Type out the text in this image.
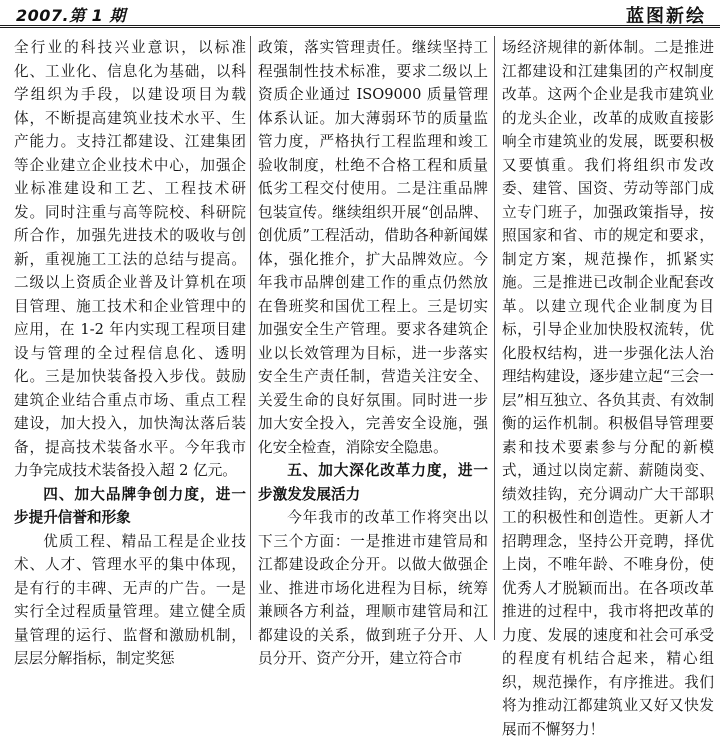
2007.第 1 期	蓝图新绘

全行业的科技兴业意识，以标准化、工业化、信息化为基础，以科学组织为手段，以建设项目为载体，不断提高建筑业技术水平、生产能力。支持江都建设、江建集团等企业建立企业技术中心，加强企业标准建设和工艺、工程技术研发。同时注重与高等院校、科研院所合作，加强先进技术的吸收与创新，重视施工工法的总结与提高。二级以上资质企业普及计算机在项目管理、施工技术和企业管理中的应用，在 1-2 年内实现工程项目建设与管理的全过程信息化、透明化。三是加快装备投入步伐。鼓励建筑企业结合重点市场、重点工程建设，加大投入，加快淘汰落后装备，提高技术装备水平。今年我市力争完成技术装备投入超 2 亿元。

四、加大品牌争创力度，进一步提升信誉和形象

优质工程、精品工程是企业技术、人才、管理水平的集中体现，是有行的丰碑、无声的广告。一是实行全过程质量管理。建立健全质量管理的运行、监督和激励机制，层层分解指标，制定奖惩

政策，落实管理责任。继续坚持工程强制性技术标准，要求二级以上资质企业通过 ISO9000 质量管理体系认证。加大薄弱环节的质量监管力度，严格执行工程监理和竣工验收制度，杜绝不合格工程和质量低劣工程交付使用。二是注重品牌包装宣传。继续组织开展“创品牌、创优质”工程活动，借助各种新闻媒体，强化推介，扩大品牌效应。今年我市品牌创建工作的重点仍然放在鲁班奖和国优工程上。三是切实加强安全生产管理。要求各建筑企业以长效管理为目标，进一步落实安全生产责任制，营造关注安全、关爱生命的良好氛围。同时进一步加大安全投入，完善安全设施，强化安全检查，消除安全隐患。

五、加大深化改革力度，进一步激发发展活力

今年我市的改革工作将突出以下三个方面：一是推进市建管局和江都建设政企分开。以做大做强企业、推进市场化进程为目标，统筹兼顾各方利益，理顺市建管局和江都建设的关系，做到班子分开、人员分开、资产分开，建立符合市

场经济规律的新体制。二是推进江都建设和江建集团的产权制度改革。这两个企业是我市建筑业的龙头企业，改革的成败直接影响全市建筑业的发展，既要积极又要慎重。我们将组织市发改委、建管、国资、劳动等部门成立专门班子，加强政策指导，按照国家和省、市的规定和要求，制定方案，规范操作，抓紧实施。三是推进已改制企业配套改革。以建立现代企业制度为目标，引导企业加快股权流转，优化股权结构，进一步强化法人治理结构建设，逐步建立起“三会一层”相互独立、各负其责、有效制衡的运作机制。积极倡导管理要素和技术要素参与分配的新模式，通过以岗定薪、薪随岗变、绩效挂钩，充分调动广大干部职工的积极性和创造性。更新人才招聘理念，坚持公开竞聘，择优上岗，不唯年龄、不唯身份，使优秀人才脱颖而出。在各项改革推进的过程中，我市将把改革的力度、发展的速度和社会可承受的程度有机结合起来，精心组织，规范操作，有序推进。我们将为推动江都建筑业又好又快发展而不懈努力！
